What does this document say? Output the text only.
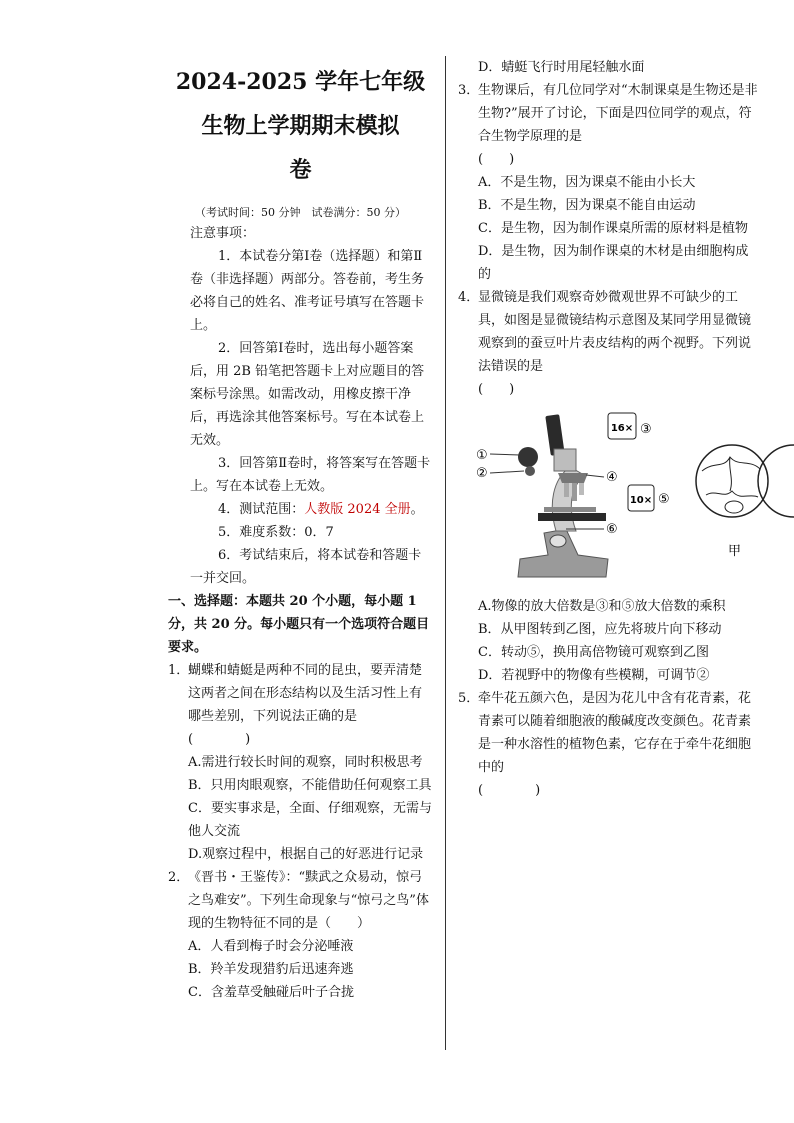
2024-2025 学年七年级
生物上学期期末模拟
卷
（考试时间：50 分钟　试卷满分：50 分）
注意事项：
1．本试卷分第Ⅰ卷（选择题）和第Ⅱ卷（非选择题）两部分。答卷前，考生务必将自己的姓名、准考证号填写在答题卡上。
2．回答第Ⅰ卷时，选出每小题答案后，用 2B 铅笔把答题卡上对应题目的答案标号涂黑。如需改动，用橡皮擦干净后，再选涂其他答案标号。写在本试卷上无效。
3．回答第Ⅱ卷时，将答案写在答题卡上。写在本试卷上无效。
4．测试范围：人教版 2024 全册。
5．难度系数：0．7
6．考试结束后，将本试卷和答题卡一并交回。
一、选择题：本题共 20 个小题，每小题 1 分，共 20 分。每小题只有一个选项符合题目要求。
1．
蝴蝶和蜻蜓是两种不同的昆虫，要弄清楚这两者之间在形态结构以及生活习性上有哪些差别，下列说法正确的是
(　　　　)
A.需进行较长时间的观察，同时积极思考
B．只用肉眼观察，不能借助任何观察工具
C．要实事求是，全面、仔细观察，无需与他人交流
D.观察过程中，根据自己的好恶进行记录
2．
《晋书・王鉴传》：“黩武之众易动，惊弓之鸟难安”。下列生命现象与“惊弓之鸟”体现的生物特征不同的是（　　）
A．人看到梅子时会分泌唾液
B．羚羊发现猎豹后迅速奔逃
C．含羞草受触碰后叶子合拢
D．蜻蜓飞行时用尾轻触水面
3．
生物课后，有几位同学对“木制课桌是生物还是非生物?”展开了讨论，下面是四位同学的观点，符合生物学原理的是
(　　)
A．不是生物，因为课桌不能由小长大
B．不是生物，因为课桌不能自由运动
C．是生物，因为制作课桌所需的原材料是植物
D．是生物，因为制作课桌的木材是由细胞构成的
4．
显微镜是我们观察奇妙微观世界不可缺少的工具，如图是显微镜结构示意图及某同学用显微镜观察到的蚕豆叶片表皮结构的两个视野。下列说法错误的是
(　　)
16×
10×
①
②
③
④
⑤
⑥
甲
A.物像的放大倍数是③和⑤放大倍数的乘积
B．从甲图转到乙图，应先将玻片向下移动
C．转动⑤，换用高倍物镜可观察到乙图
D．若视野中的物像有些模糊，可调节②
5．
牵牛花五颜六色，是因为花儿中含有花青素，花青素可以随着细胞液的酸碱度改变颜色。花青素是一种水溶性的植物色素，它存在于牵牛花细胞中的
(　　　　)
